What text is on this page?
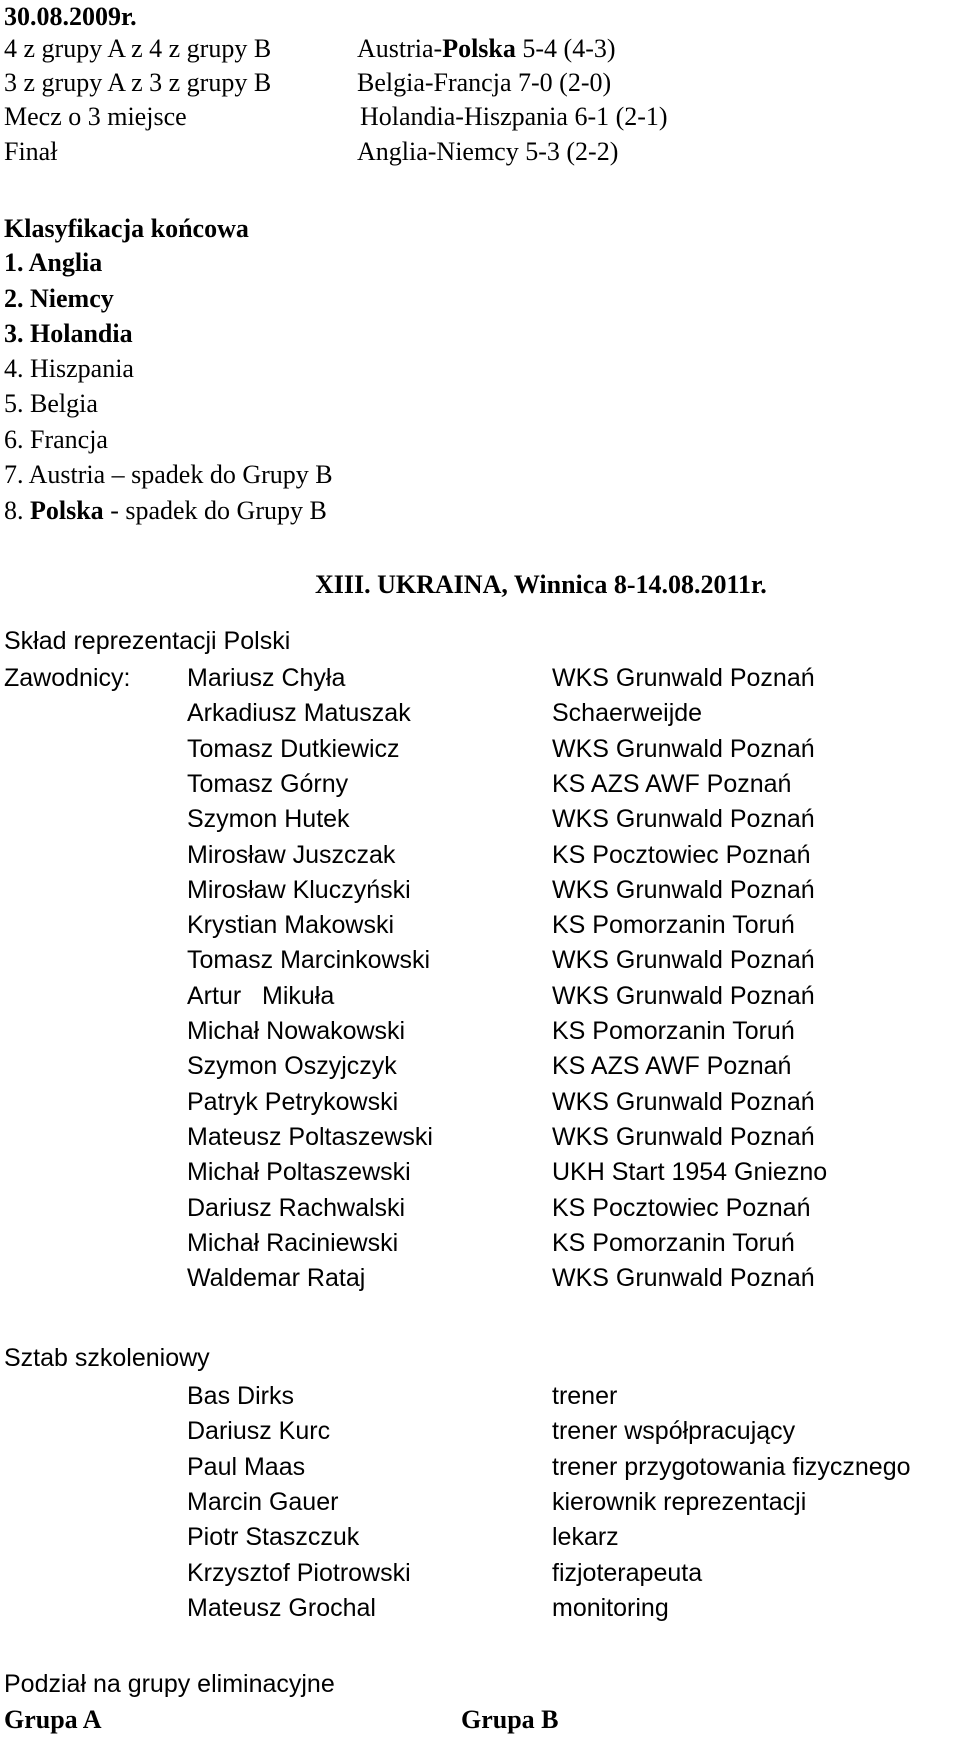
30.08.2009r.
4 z grupy A z 4 z grupy B	Austria-Polska 5-4 (4-3)
3 z grupy A z 3 z grupy B	Belgia-Francja 7-0 (2-0)
Mecz o 3 miejsce	Holandia-Hiszpania 6-1 (2-1)
Finał	Anglia-Niemcy 5-3 (2-2)
Klasyfikacja końcowa
1. Anglia
2. Niemcy
3. Holandia
4. Hiszpania
5. Belgia
6. Francja
7. Austria – spadek do Grupy B
8. Polska - spadek do Grupy B
XIII. UKRAINA, Winnica 8-14.08.2011r.
Skład reprezentacji Polski
Zawodnicy: Mariusz Chyła	WKS Grunwald Poznań
Arkadiusz Matuszak	Schaerweijde
Tomasz Dutkiewicz	WKS Grunwald Poznań
Tomasz Górny	KS AZS AWF Poznań
Szymon Hutek	WKS Grunwald Poznań
Mirosław Juszczak	KS Pocztowiec Poznań
Mirosław Kluczyński	WKS Grunwald Poznań
Krystian Makowski	KS Pomorzanin Toruń
Tomasz Marcinkowski	WKS Grunwald Poznań
Artur   Mikuła	WKS Grunwald Poznań
Michał Nowakowski	KS Pomorzanin Toruń
Szymon Oszyjczyk	KS AZS AWF Poznań
Patryk Petrykowski	WKS Grunwald Poznań
Mateusz Poltaszewski	WKS Grunwald Poznań
Michał Poltaszewski	UKH Start 1954 Gniezno
Dariusz Rachwalski	KS Pocztowiec Poznań
Michał Raciniewski	KS Pomorzanin Toruń
Waldemar Rataj	WKS Grunwald Poznań
Sztab szkoleniowy
Bas Dirks	trener
Dariusz Kurc	trener współpracujący
Paul Maas	trener przygotowania fizycznego
Marcin Gauer	kierownik reprezentacji
Piotr Staszczuk	lekarz
Krzysztof Piotrowski	fizjoterapeuta
Mateusz Grochal	monitoring
Podział na grupy eliminacyjne
Grupa A	Grupa B
